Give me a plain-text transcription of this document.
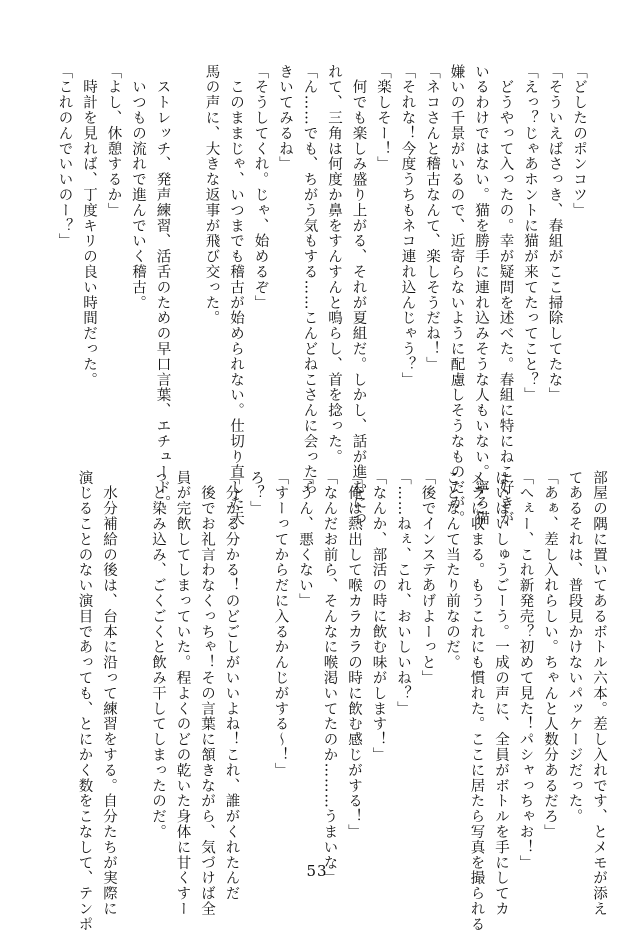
「どしたのポンコツ」

「そういえばさっき、春組がここ掃除してたな」

「えっ？じゃあホントに猫が来てたってこと？」

　どうやって入ったの。幸が疑問を述べた。春組に特にねこ好きが

いるわけではない。猫を勝手に連れ込みそうな人もいない。寧ろ猫

嫌いの千景がいるので、近寄らないように配慮しそうなものだが。

「ネコさんと稽古なんて、楽しそうだね！」

「それな！今度うちもネコ連れ込んじゃう？」

「楽しそー！」

　何でも楽しみ盛り上がる、それが夏組だ。しかし、話が進むにつ

れて、三角は何度か鼻をすんすんと鳴らし、首を捻った。

「ん……でも、ちがう気もする……こんどねこさんに会ったら

きいてみるね」

「そうしてくれ。じゃ、始めるぞ」

　このままじゃ、いつまでも稽古が始められない。仕切り直した天

馬の声に、大きな返事が飛び交った。

　ストレッチ、発声練習、活舌のための早口言葉、エチュード。

　いつもの流れで進んでいく稽古。

「よし、休憩するか」

　時計を見れば、丁度キリの良い時間だった。

「これのんでいいのー？」

部屋の隅に置いてあるボトル六本。差し入れです、とメモが添え

てあるそれは、普段見かけないパッケージだった。

「あぁ、差し入れらしい。ちゃんと人数分あるだろ」

「へぇー、これ新発売？初めて見た！パシャっちゃお！」

はいはいしゅうごーう。一成の声に、全員がボトルを手にしてカ

メラに収まる。もうこれにも慣れた。ここに居たら写真を撮られる

ことなんて当たり前なのだ。

「後でインステあげよーっと」

「……ねぇ、これ、おいしいね？」

「なんか、部活の時に飲む味がします！」

「俺は熱出して喉カラカラの時に飲む感じがする！」

「なんだお前ら、そんなに喉渇いてたのか………うまいな」

「うん、悪くない」

「すーってからだに入るかんじがする～！」

ろ？」

「分かる分かる！のどごしがいいよね！これ、誰がくれたんだ

　後でお礼言わなくっちゃ！その言葉に頷きながら、気づけば全

員が完飲してしまっていた。程よくのどの乾いた身体に甘くすー

っと染み込み、ごくごくと飲み干してしまったのだ。

　水分補給の後は、台本に沿って練習をする。自分たちが実際に

演じることのない演目であっても、とにかく数をこなして、テンポ	53
